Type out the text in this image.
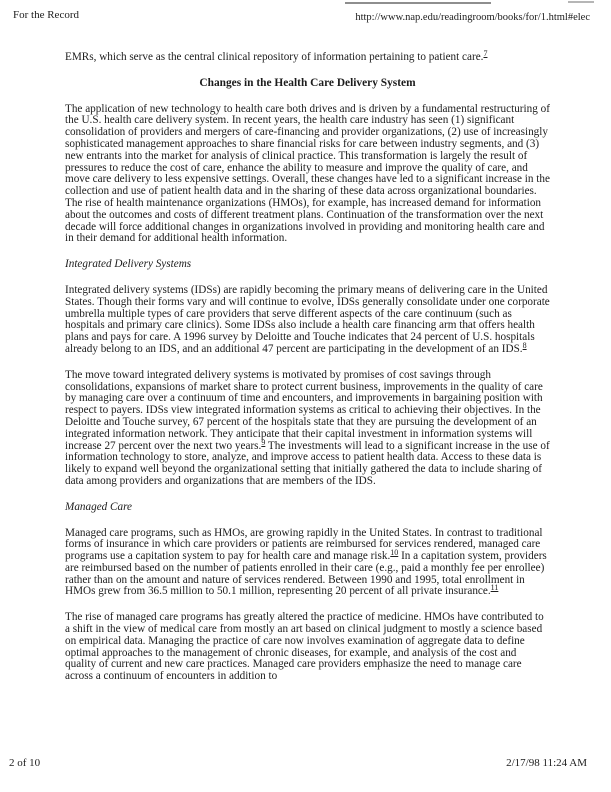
For the Record	http://www.nap.edu/readingroom/books/for/1.html#elec

EMRs, which serve as the central clinical repository of information pertaining to patient care.$^7$

Changes in the Health Care Delivery System

The application of new technology to health care both drives and is driven by a fundamental restructuring of the U.S. health care delivery system. In recent years, the health care industry has seen (1) significant consolidation of providers and mergers of care-financing and provider organizations, (2) use of increasingly sophisticated management approaches to share financial risks for care between industry segments, and (3) new entrants into the market for analysis of clinical practice. This transformation is largely the result of pressures to reduce the cost of care, enhance the ability to measure and improve the quality of care, and move care delivery to less expensive settings. Overall, these changes have led to a significant increase in the collection and use of patient health data and in the sharing of these data across organizational boundaries. The rise of health maintenance organizations (HMOs), for example, has increased demand for information about the outcomes and costs of different treatment plans. Continuation of the transformation over the next decade will force additional changes in organizations involved in providing and monitoring health care and in their demand for additional health information.

Integrated Delivery Systems

Integrated delivery systems (IDSs) are rapidly becoming the primary means of delivering care in the United States. Though their forms vary and will continue to evolve, IDSs generally consolidate under one corporate umbrella multiple types of care providers that serve different aspects of the care continuum (such as hospitals and primary care clinics). Some IDSs also include a health care financing arm that offers health plans and pays for care. A 1996 survey by Deloitte and Touche indicates that 24 percent of U.S. hospitals already belong to an IDS, and an additional 47 percent are participating in the development of an IDS.$^8$

The move toward integrated delivery systems is motivated by promises of cost savings through consolidations, expansions of market share to protect current business, improvements in the quality of care by managing care over a continuum of time and encounters, and improvements in bargaining position with respect to payers. IDSs view integrated information systems as critical to achieving their objectives. In the Deloitte and Touche survey, 67 percent of the hospitals state that they are pursuing the development of an integrated information network. They anticipate that their capital investment in information systems will increase 27 percent over the next two years.$^9$ The investments will lead to a significant increase in the use of information technology to store, analyze, and improve access to patient health data. Access to these data is likely to expand well beyond the organizational setting that initially gathered the data to include sharing of data among providers and organizations that are members of the IDS.

Managed Care

Managed care programs, such as HMOs, are growing rapidly in the United States. In contrast to traditional forms of insurance in which care providers or patients are reimbursed for services rendered, managed care programs use a capitation system to pay for health care and manage risk.$^{10}$ In a capitation system, providers are reimbursed based on the number of patients enrolled in their care (e.g., paid a monthly fee per enrollee) rather than on the amount and nature of services rendered. Between 1990 and 1995, total enrollment in HMOs grew from 36.5 million to 50.1 million, representing 20 percent of all private insurance.$^{11}$

The rise of managed care programs has greatly altered the practice of medicine. HMOs have contributed to a shift in the view of medical care from mostly an art based on clinical judgment to mostly a science based on empirical data. Managing the practice of care now involves examination of aggregate data to define optimal approaches to the management of chronic diseases, for example, and analysis of the cost and quality of current and new care practices. Managed care providers emphasize the need to manage care across a continuum of encounters in addition to

2 of 10	2/17/98 11:24 AM
